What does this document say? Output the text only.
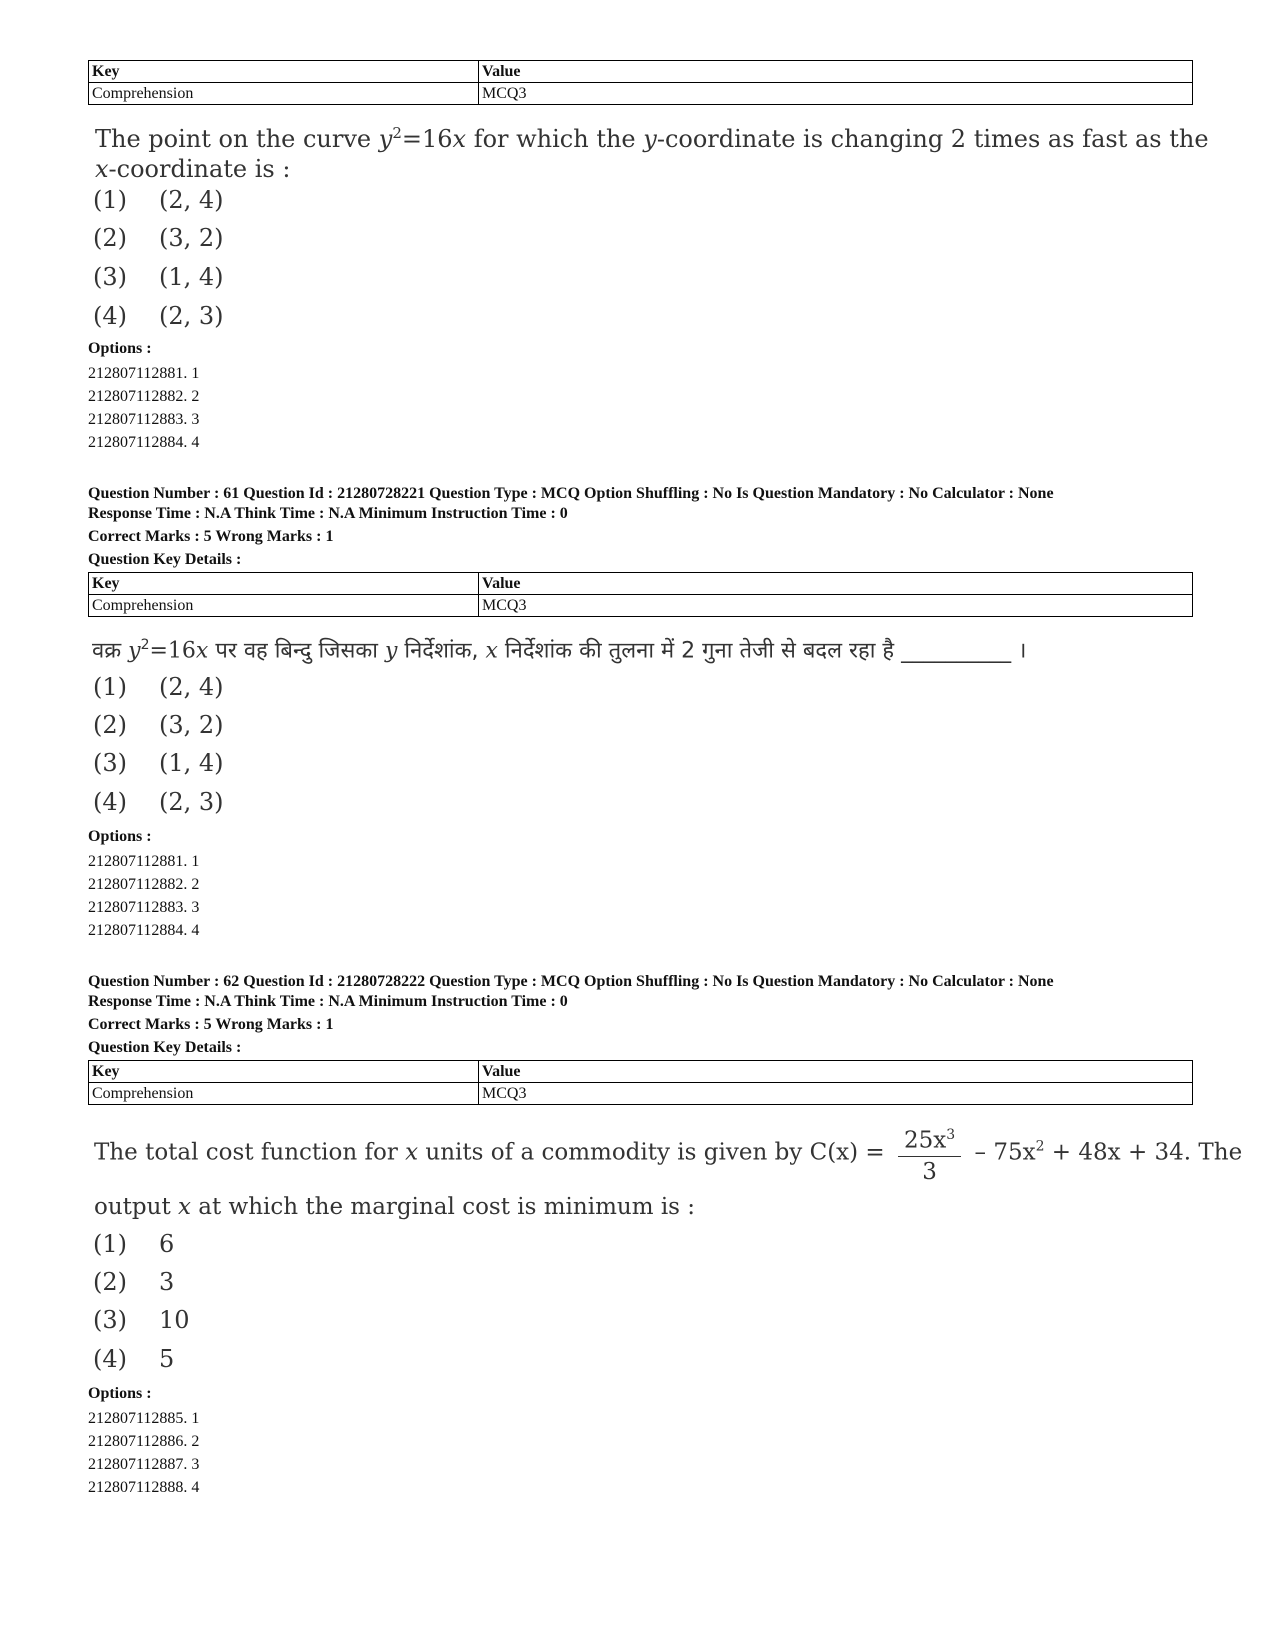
Key	Value
Comprehension	MCQ3
The point on the curve $y^2=16x$ for which the y-coordinate is changing 2 times as fast as the
x-coordinate is :
(1) (2, 4)
(2) (3, 2)
(3) (1, 4)
(4) (2, 3)
Options :
212807112881. 1
212807112882. 2
212807112883. 3
212807112884. 4
Question Number : 61 Question Id : 21280728221 Question Type : MCQ Option Shuffling : No Is Question Mandatory : No Calculator : None
Response Time : N.A Think Time : N.A Minimum Instruction Time : 0
Correct Marks : 5 Wrong Marks : 1
Question Key Details :
Key	Value
Comprehension	MCQ3
वक्र $y^2=16x$ पर वह बिन्दु जिसका y निर्देशांक, x निर्देशांक की तुलना में 2 गुना तेजी से बदल रहा है __________ ।
(1) (2, 4)
(2) (3, 2)
(3) (1, 4)
(4) (2, 3)
Options :
212807112881. 1
212807112882. 2
212807112883. 3
212807112884. 4
Question Number : 62 Question Id : 21280728222 Question Type : MCQ Option Shuffling : No Is Question Mandatory : No Calculator : None
Response Time : N.A Think Time : N.A Minimum Instruction Time : 0
Correct Marks : 5 Wrong Marks : 1
Question Key Details :
Key	Value
Comprehension	MCQ3
The total cost function for x units of a commodity is given by $C(x) = \frac{25x^3}{3} - 75x^2 + 48x + 34$. The
output x at which the marginal cost is minimum is :
(1) 6
(2) 3
(3) 10
(4) 5
Options :
212807112885. 1
212807112886. 2
212807112887. 3
212807112888. 4
